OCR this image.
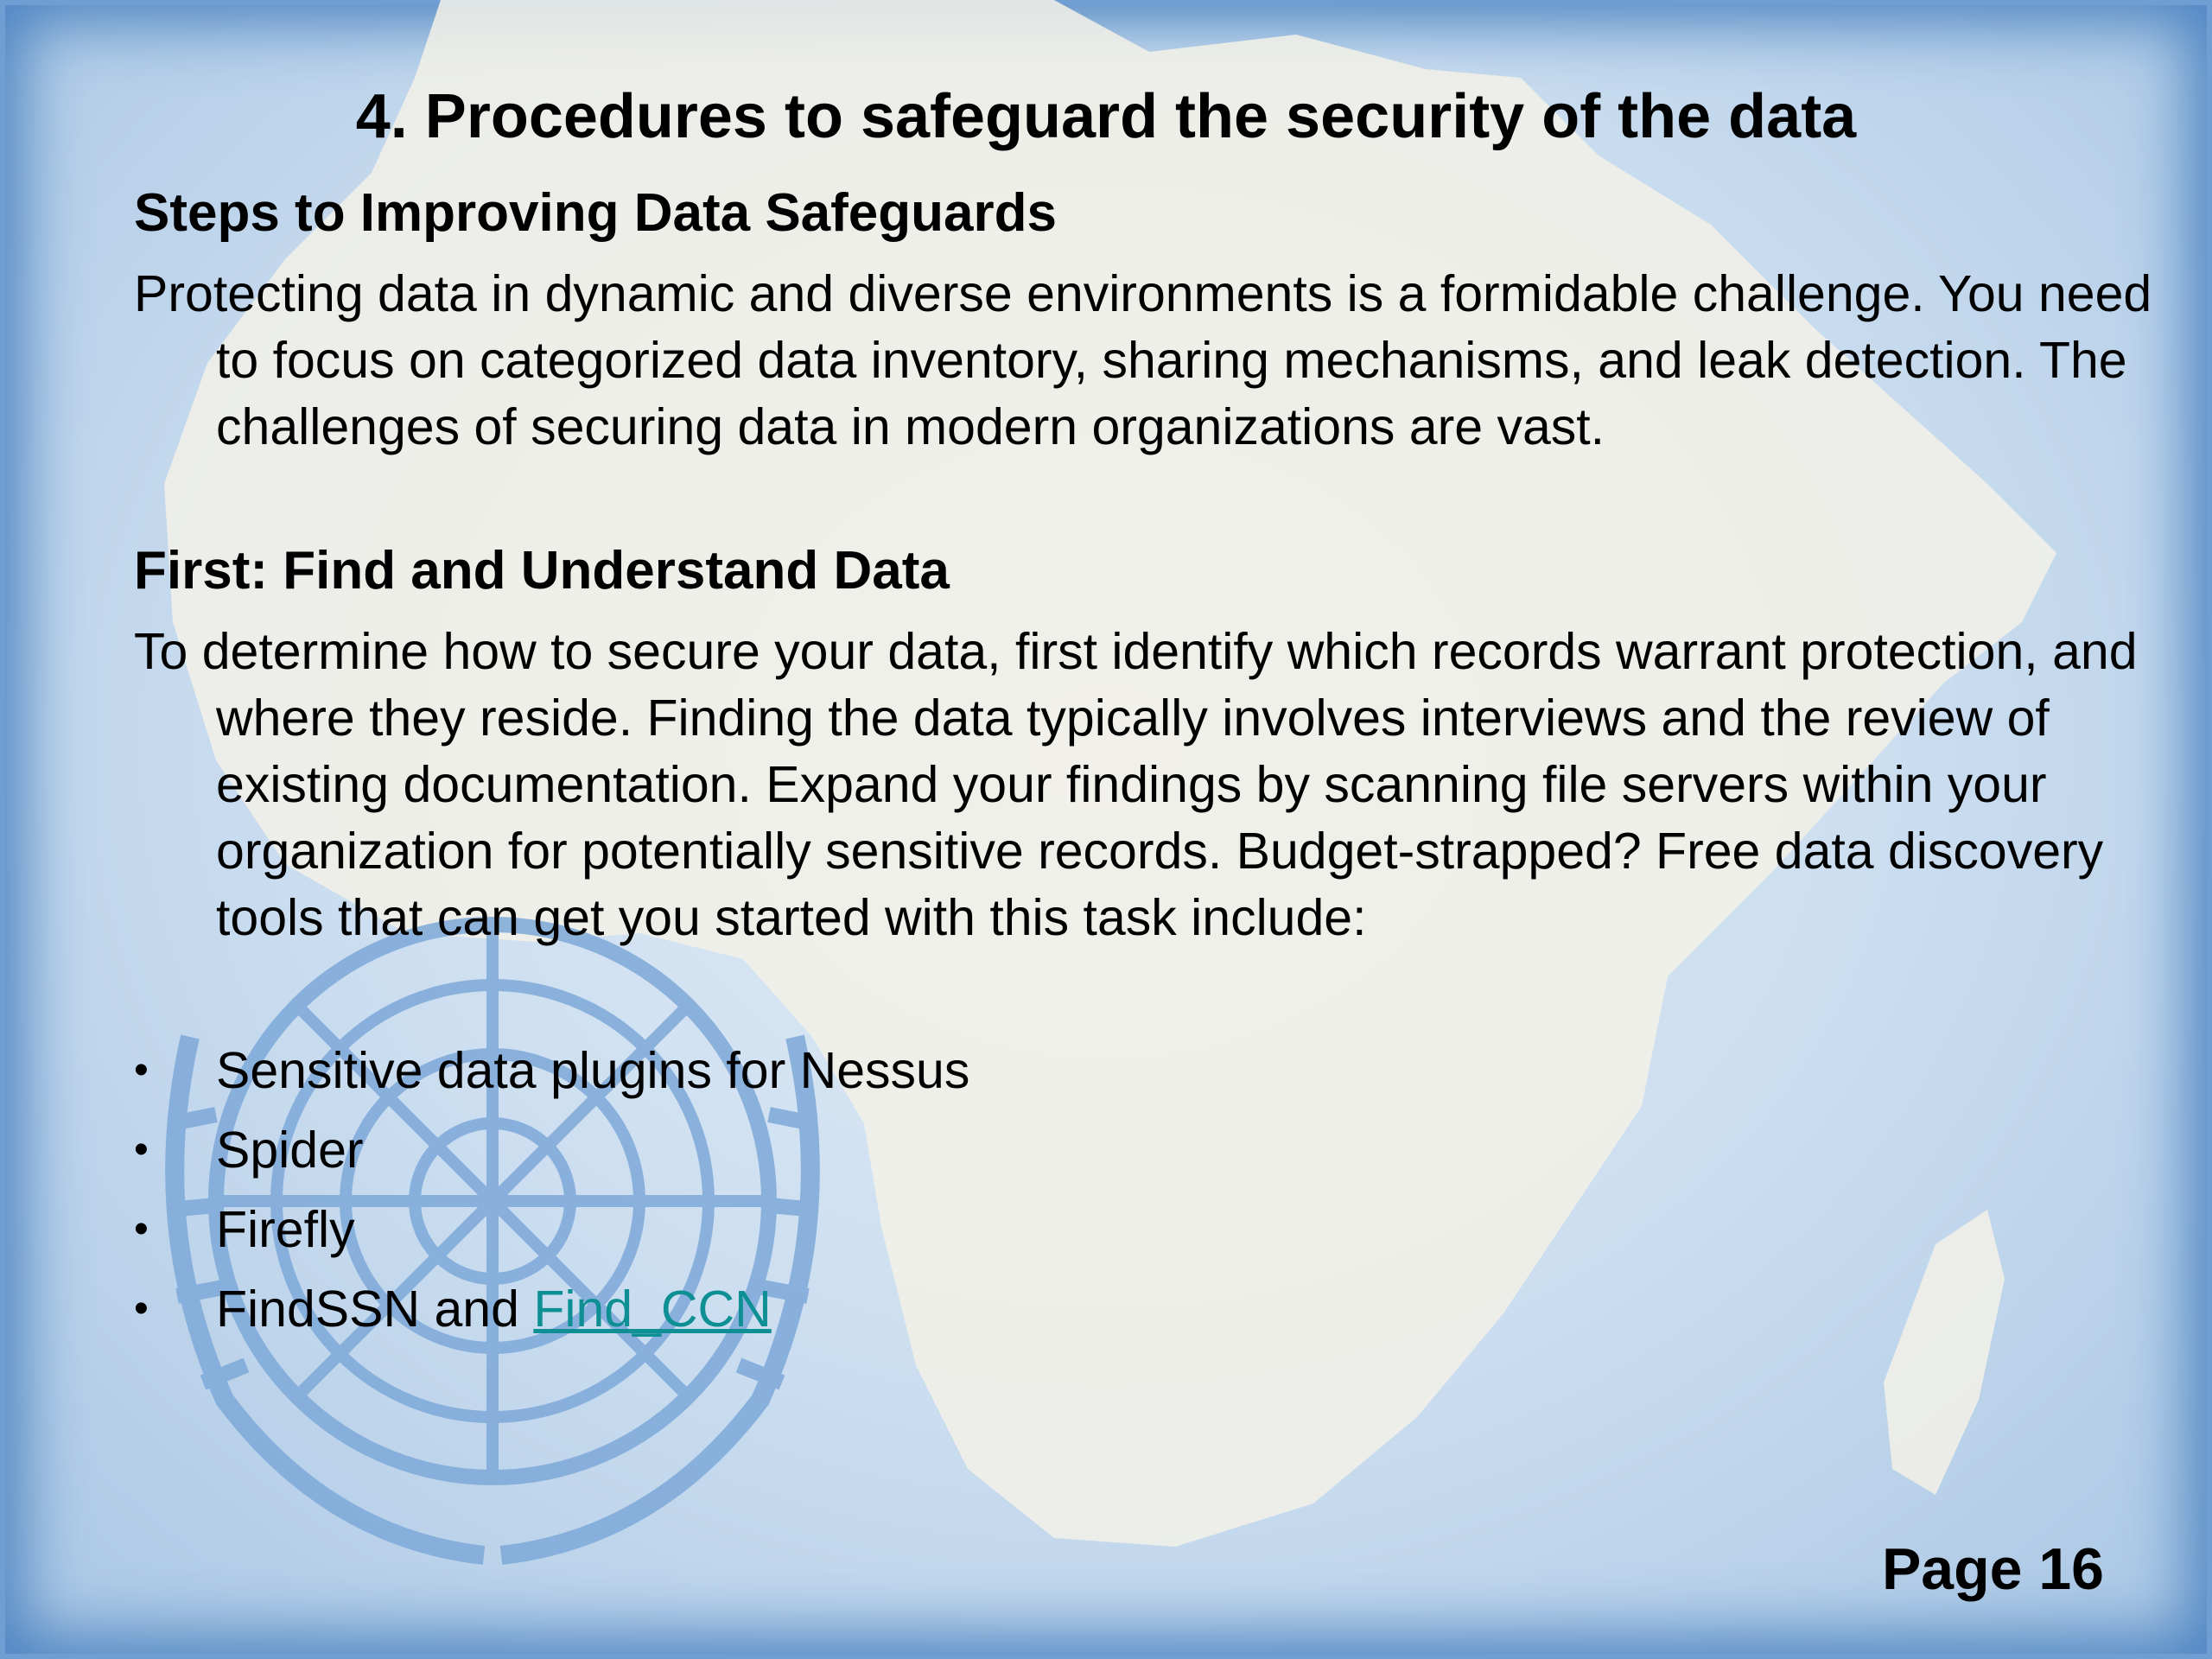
4. Procedures to safeguard the security of the data
Steps to Improving Data Safeguards
Protecting data in dynamic and diverse environments is a formidable challenge. You need to focus on categorized data inventory, sharing mechanisms, and leak detection. The challenges of securing data in modern organizations are vast.
First: Find and Understand Data
To determine how to secure your data, first identify which records warrant protection, and where they reside. Finding the data typically involves interviews and the review of existing documentation. Expand your findings by scanning file servers within your organization for potentially sensitive records. Budget-strapped? Free data discovery tools that can get you started with this task include:
• Sensitive data plugins for Nessus
• Spider
• Firefly
• FindSSN and Find_CCN
Page 16
